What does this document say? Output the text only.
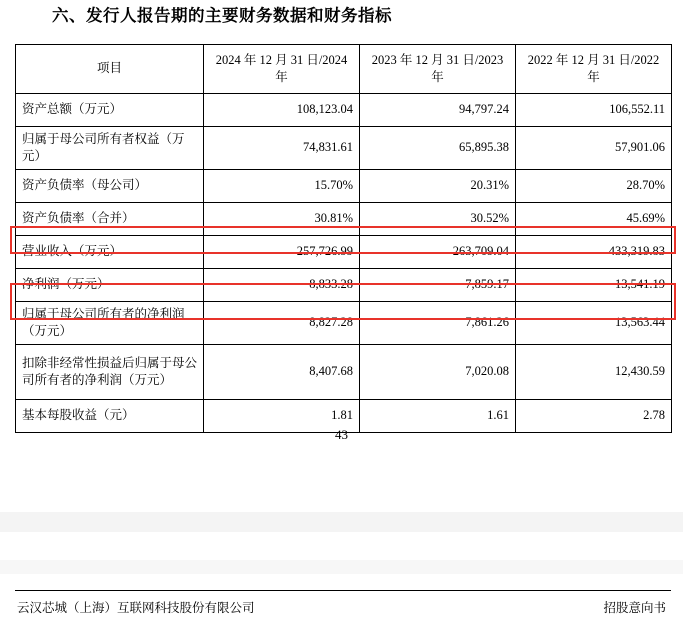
六、发行人报告期的主要财务数据和财务指标
项目	2024 年 12 月 31 日/2024 年	2023 年 12 月 31 日/2023 年	2022 年 12 月 31 日/2022 年
资产总额（万元）	108,123.04	94,797.24	106,552.11
归属于母公司所有者权益（万元）	74,831.61	65,895.38	57,901.06
资产负债率（母公司）	15.70%	20.31%	28.70%
资产负债率（合并）	30.81%	30.52%	45.69%
营业收入（万元）	257,726.99	263,709.04	433,319.83
净利润（万元）	8,833.28	7,859.17	13,541.19
归属于母公司所有者的净利润（万元）	8,827.28	7,861.26	13,563.44
扣除非经常性损益后归属于母公司所有者的净利润（万元）	8,407.68	7,020.08	12,430.59
基本每股收益（元）	1.81	1.61	2.78
43
云汉芯城（上海）互联网科技股份有限公司	招股意向书
